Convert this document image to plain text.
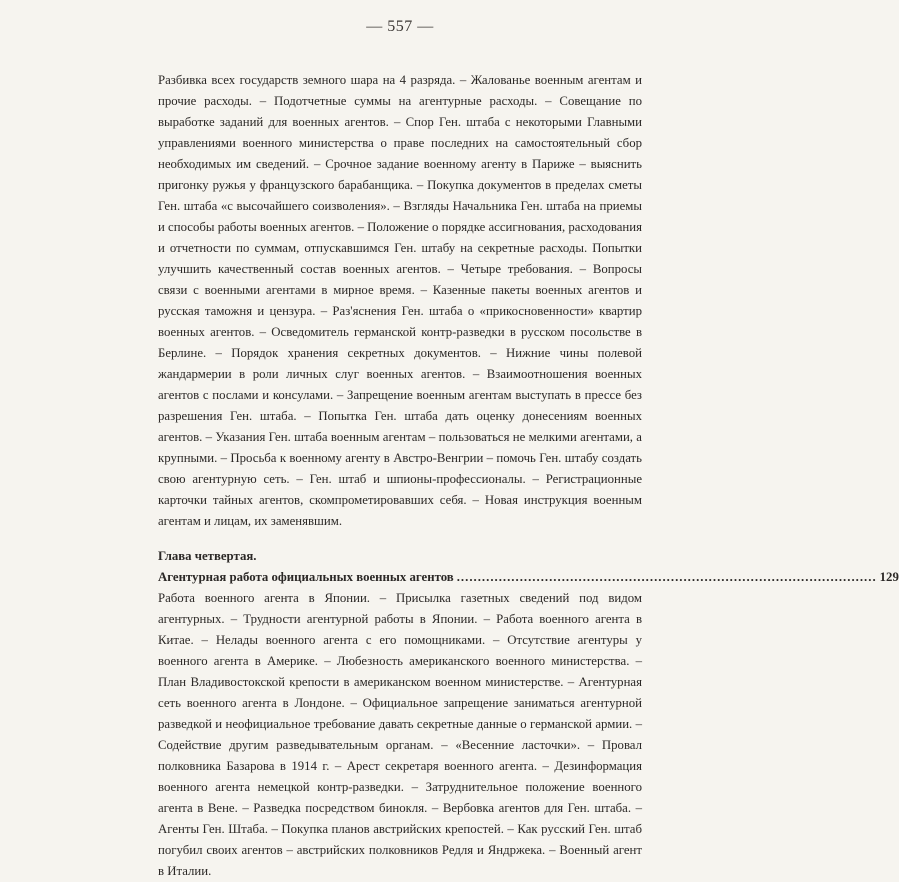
— 557 —

Разбивка всех государств земного шара на 4 разряда. – Жалованье военным агентам и прочие расходы. – Подотчетные суммы на агентурные расходы. – Совещание по выработке заданий для военных агентов. – Спор Ген. штаба с некоторыми Главными управлениями военного министерства о праве последних на самостоятельный сбор необходимых им сведений. – Срочное задание военному агенту в Париже – выяснить пригонку ружья у французского барабанщика. – Покупка документов в пределах сметы Ген. штаба «с высочайшего соизволения». – Взгляды Начальника Ген. штаба на приемы и способы работы военных агентов. – Положение о порядке ассигнования, расходования и отчетности по суммам, отпускавшимся Ген. штабу на секретные расходы. Попытки улучшить качественный состав военных агентов. – Четыре требования. – Вопросы связи с военными агентами в мирное время. – Казенные пакеты военных агентов и русская таможня и цензура. – Раз'яснения Ген. штаба о «прикосновенности» квартир военных агентов. – Осведомитель германской контр-разведки в русском посольстве в Берлине. – Порядок хранения секретных документов. – Нижние чины полевой жандармерии в роли личных слуг военных агентов. – Взаимоотношения военных агентов с послами и консулами. – Запрещение военным агентам выступать в прессе без разрешения Ген. штаба. – Попытка Ген. штаба дать оценку донесениям военных агентов. – Указания Ген. штаба военным агентам – пользоваться не мелкими агентами, а крупными. – Просьба к военному агенту в Австро-Венгрии – помочь Ген. штабу создать свою агентурную сеть. – Ген. штаб и шпионы-профессионалы. – Регистрационные карточки тайных агентов, скомпрометировавших себя. – Новая инструкция военным агентам и лицам, их заменявшим.

Глава четвертая.
Агентурная работа официальных военных агентов
.....	129

Работа военного агента в Японии. – Присылка газетных сведений под видом агентурных. – Трудности агентурной работы в Японии. – Работа военного агента в Китае. – Нелады военного агента с его помощниками. – Отсутствие агентуры у военного агента в Америке. – Любезность американского военного министерства. – План Владивостокской крепости в американском военном министерстве. – Агентурная сеть военного агента в Лондоне. – Официальное запрещение заниматься агентурной разведкой и неофициальное требование давать секретные данные о германской армии. – Содействие другим разведывательным органам. – «Весенние ласточки». – Провал полковника Базарова в 1914 г. – Арест секретаря военного агента. – Дезинформация военного агента немецкой контр-разведки. – Затруднительное положение военного агента в Вене. – Разведка посредством бинокля. – Вербовка агентов для Ген. штаба. – Агенты Ген. Штаба. – Покупка планов австрийских крепостей. – Как русский Ген. штаб погубил своих агентов – австрийских полковников Редля и Яндржека. – Военный агент в Италии.
